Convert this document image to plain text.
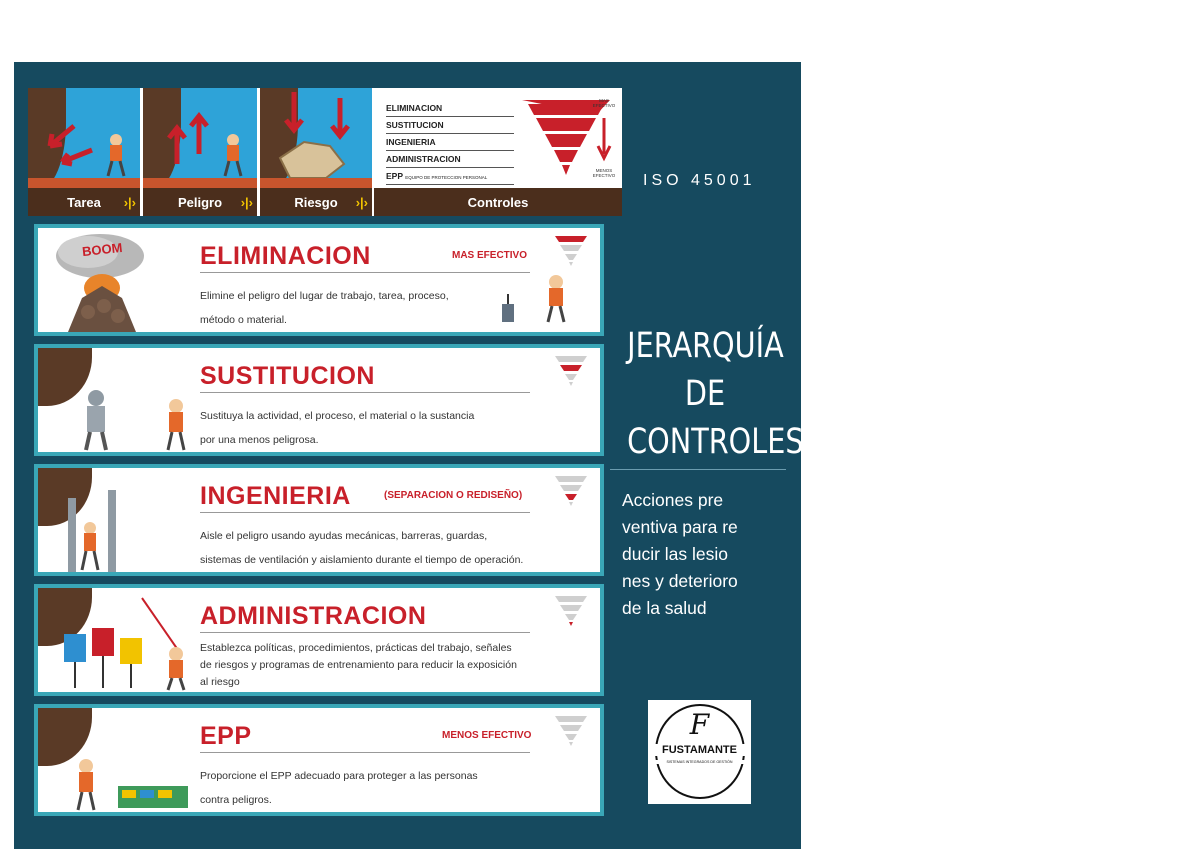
Tarea ›|›	Peligro ›|›	Riesgo ›|›
ELIMINACION
SUSTITUCION
INGENIERIA
ADMINISTRACION
EPP EQUIPO DE PROTECCION PERSONAL
MAS EFECTIVO
MENOS EFECTIVO
Controles
BOOM	ELIMINACION	MAS EFECTIVO
Elimine el peligro del lugar de trabajo, tarea, proceso,
método o material.
SUSTITUCION
Sustituya la actividad, el proceso, el material o la sustancia
por una menos peligrosa.
INGENIERIA	(SEPARACION O REDISEÑO)
Aisle el peligro usando ayudas mecánicas, barreras, guardas,
sistemas de ventilación y aislamiento durante el tiempo de operación.
ADMINISTRACION
Establezca políticas, procedimientos, prácticas del trabajo, señales
de riesgos y programas de entrenamiento para reducir la exposición
al riesgo
EPP	MENOS EFECTIVO
Proporcione el EPP adecuado para proteger a las personas
contra peligros.
ISO 45001
JERARQUÍA
DE
CONTROLES
Acciones pre
ventiva para re
ducir las lesio
nes y deterioro
de la salud
F
FUSTAMANTE
SISTEMAS INTEGRADOS DE GESTIÓN
